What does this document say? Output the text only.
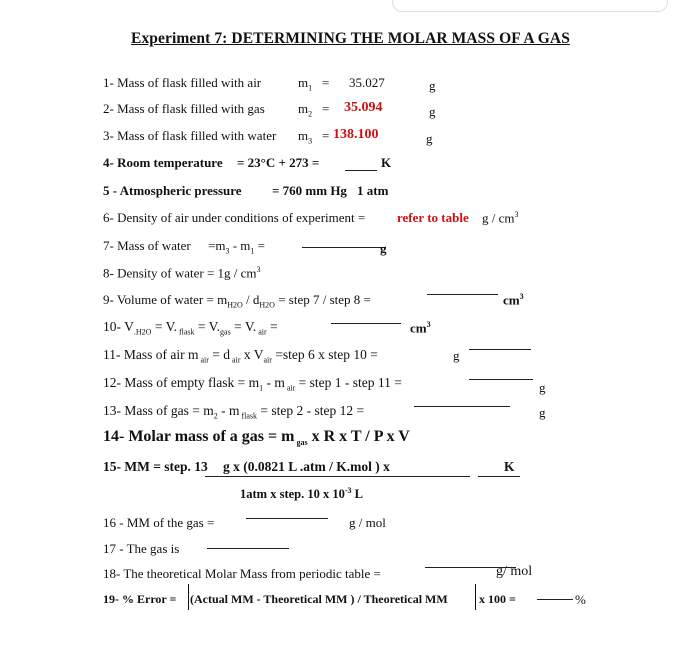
Experiment 7: DETERMINING THE MOLAR MASS OF A GAS
1- Mass of flask filled with air	$m_1 = 35.027$	g
2- Mass of flask filled with gas	$m_2 = 35.094$	g
3- Mass of flask filled with water $m_3 = 138.100$	g
4- Room temperature = 23°C + 273 =	K
5 - Atmospheric pressure = 760 mm Hg 1 atm
6- Density of air under conditions of experiment = refer to table g / $cm^3$
7- Mass of water $=m_3 - m_1$ =	g
8- Density of water = $1g / cm^3$
9- Volume of water = $m_{H2O} / d_{H2O}$ = step 7 / step 8 =	$cm^3$
10- $V_{.H2O} = V$. $_{flask} = V._{gas} = V$. $_{air}$ =	$cm^3$
11- Mass of air m $_{air}$ = d $_{air}$ x $V_{air}$ =step 6 x step 10 =	g
12- Mass of empty flask = $m_1$ - m $_{air}$ = step 1 - step 11 =	g
13- Mass of gas = $m_2$ - m $_{flask}$ = step 2 - step 12 =	g
14- Molar mass of a gas = m $_{gas}$ x R x T / P x V
15- MM = step. 13 g x (0.0821 L .atm / K.mol ) x	K
1atm x step. 10 x $10^{-3}$ L
16 - MM of the gas =	g / mol
17 - The gas is
18- The theoretical Molar Mass from periodic table =	g/ mol
19- % Error = (Actual MM - Theoretical MM ) / Theoretical MM	x 100 =	%
